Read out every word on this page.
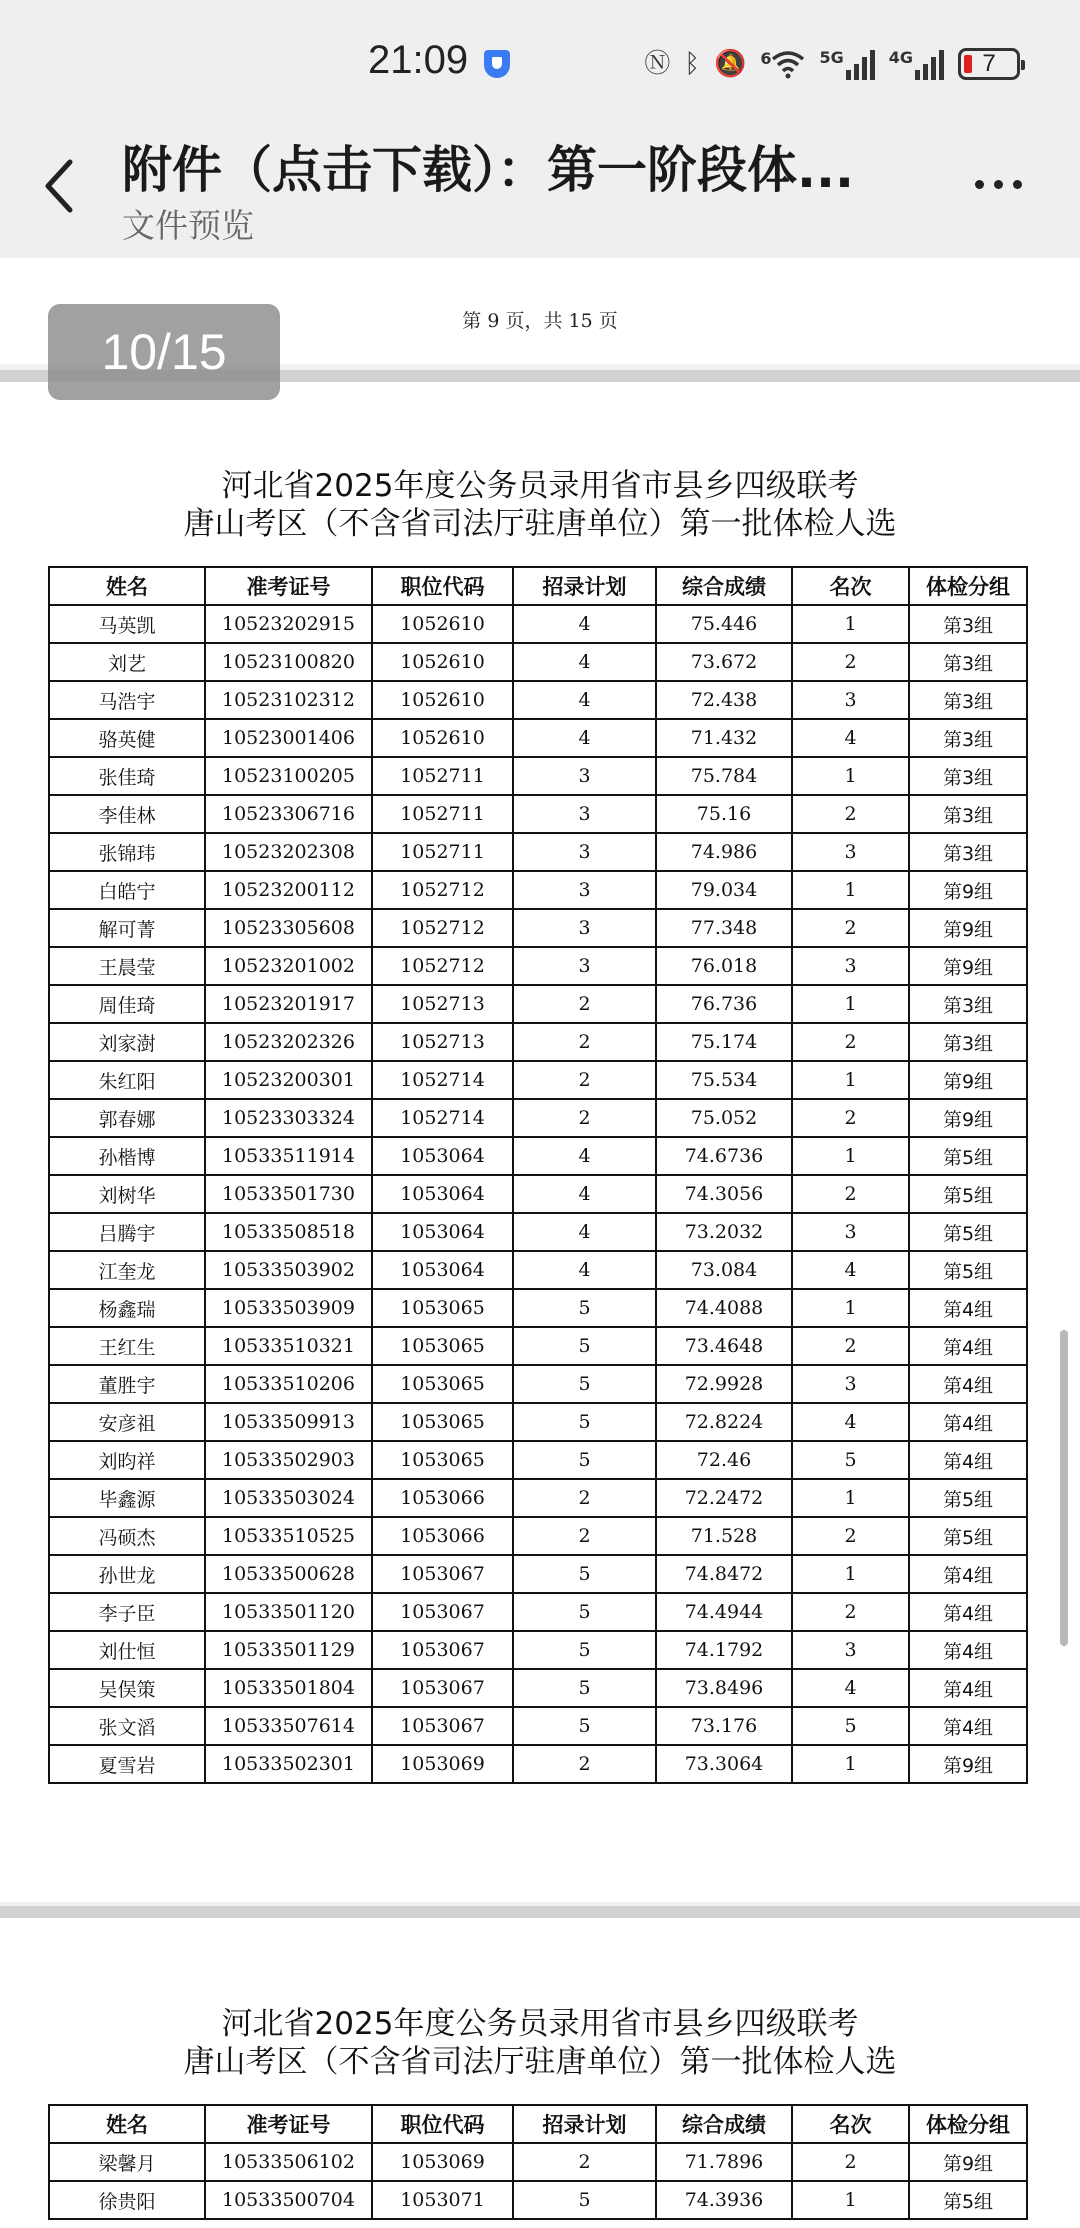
21:09	Ⓝ ᛒ 🔕 6	5G	4G	7
附件（点击下载）：第一阶段体...
文件预览
第 9 页，共 15 页
河北省2025年度公务员录用省市县乡四级联考
唐山考区（不含省司法厅驻唐单位）第一批体检人选
姓名	准考证号	职位代码	招录计划	综合成绩	名次	体检分组
马英凯	10523202915	1052610	4	75.446	1	第3组
刘艺	10523100820	1052610	4	73.672	2	第3组
马浩宇	10523102312	1052610	4	72.438	3	第3组
骆英健	10523001406	1052610	4	71.432	4	第3组
张佳琦	10523100205	1052711	3	75.784	1	第3组
李佳林	10523306716	1052711	3	75.16	2	第3组
张锦玮	10523202308	1052711	3	74.986	3	第3组
白皓宁	10523200112	1052712	3	79.034	1	第9组
解可菁	10523305608	1052712	3	77.348	2	第9组
王晨莹	10523201002	1052712	3	76.018	3	第9组
周佳琦	10523201917	1052713	2	76.736	1	第3组
刘家澍	10523202326	1052713	2	75.174	2	第3组
朱红阳	10523200301	1052714	2	75.534	1	第9组
郭春娜	10523303324	1052714	2	75.052	2	第9组
孙楷博	10533511914	1053064	4	74.6736	1	第5组
刘树华	10533501730	1053064	4	74.3056	2	第5组
吕腾宇	10533508518	1053064	4	73.2032	3	第5组
江奎龙	10533503902	1053064	4	73.084	4	第5组
杨鑫瑞	10533503909	1053065	5	74.4088	1	第4组
王红生	10533510321	1053065	5	73.4648	2	第4组
董胜宇	10533510206	1053065	5	72.9928	3	第4组
安彦祖	10533509913	1053065	5	72.8224	4	第4组
刘昀祥	10533502903	1053065	5	72.46	5	第4组
毕鑫源	10533503024	1053066	2	72.2472	1	第5组
冯硕杰	10533510525	1053066	2	71.528	2	第5组
孙世龙	10533500628	1053067	5	74.8472	1	第4组
李子臣	10533501120	1053067	5	74.4944	2	第4组
刘仕恒	10533501129	1053067	5	74.1792	3	第4组
吴俣策	10533501804	1053067	5	73.8496	4	第4组
张文滔	10533507614	1053067	5	73.176	5	第4组
夏雪岩	10533502301	1053069	2	73.3064	1	第9组
河北省2025年度公务员录用省市县乡四级联考
唐山考区（不含省司法厅驻唐单位）第一批体检人选
姓名	准考证号	职位代码	招录计划	综合成绩	名次	体检分组
梁馨月	10533506102	1053069	2	71.7896	2	第9组
徐贵阳	10533500704	1053071	5	74.3936	1	第5组
10/15
